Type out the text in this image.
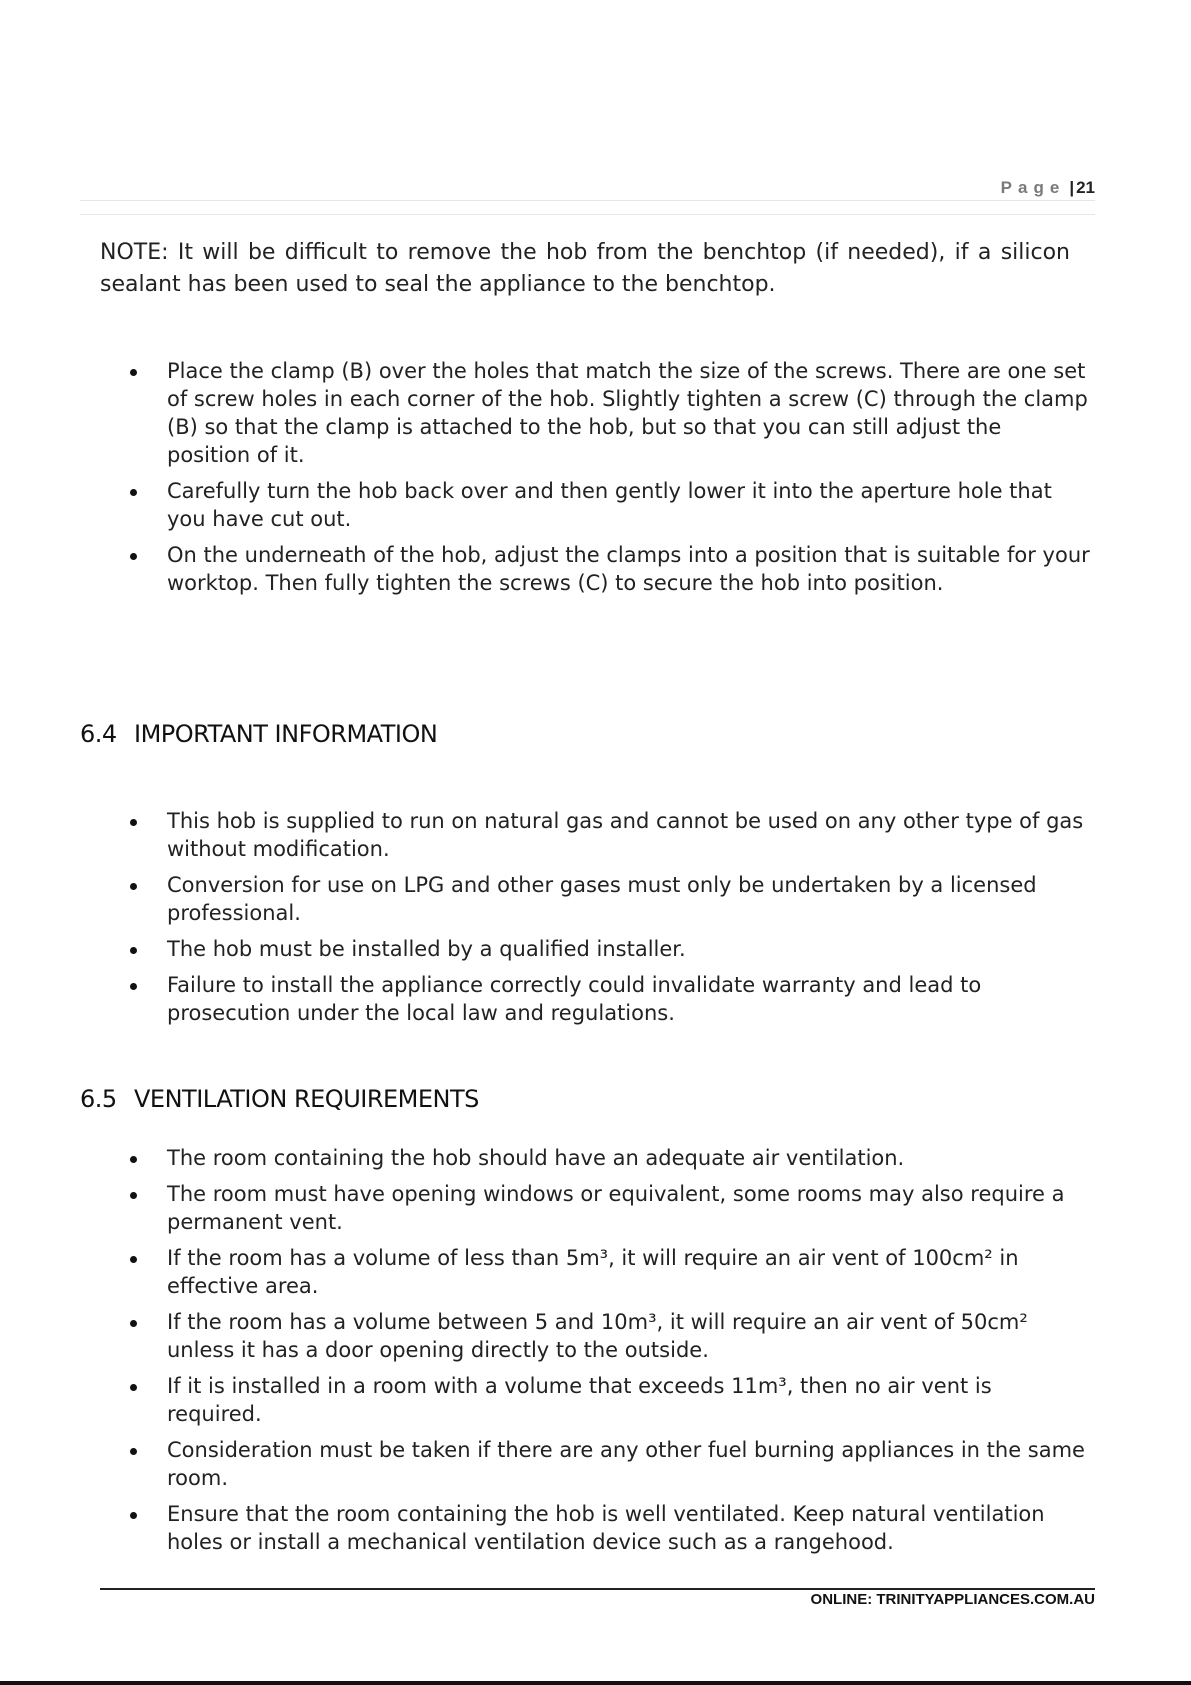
Page | 21

NOTE: It will be difficult to remove the hob from the benchtop (if needed), if a silicon sealant has been used to seal the appliance to the benchtop.

Place the clamp (B) over the holes that match the size of the screws. There are one set of screw holes in each corner of the hob. Slightly tighten a screw (C) through the clamp (B) so that the clamp is attached to the hob, but so that you can still adjust the position of it.
Carefully turn the hob back over and then gently lower it into the aperture hole that you have cut out.
On the underneath of the hob, adjust the clamps into a position that is suitable for your worktop. Then fully tighten the screws (C) to secure the hob into position.
6.4 IMPORTANT INFORMATION
This hob is supplied to run on natural gas and cannot be used on any other type of gas without modification.
Conversion for use on LPG and other gases must only be undertaken by a licensed professional.
The hob must be installed by a qualified installer.
Failure to install the appliance correctly could invalidate warranty and lead to prosecution under the local law and regulations.
6.5 VENTILATION REQUIREMENTS
The room containing the hob should have an adequate air ventilation.
The room must have opening windows or equivalent, some rooms may also require a permanent vent.
If the room has a volume of less than 5m³, it will require an air vent of 100cm² in effective area.
If the room has a volume between 5 and 10m³, it will require an air vent of 50cm² unless it has a door opening directly to the outside.
If it is installed in a room with a volume that exceeds 11m³, then no air vent is required.
Consideration must be taken if there are any other fuel burning appliances in the same room.
Ensure that the room containing the hob is well ventilated. Keep natural ventilation holes or install a mechanical ventilation device such as a rangehood.
ONLINE: TRINITYAPPLIANCES.COM.AU
